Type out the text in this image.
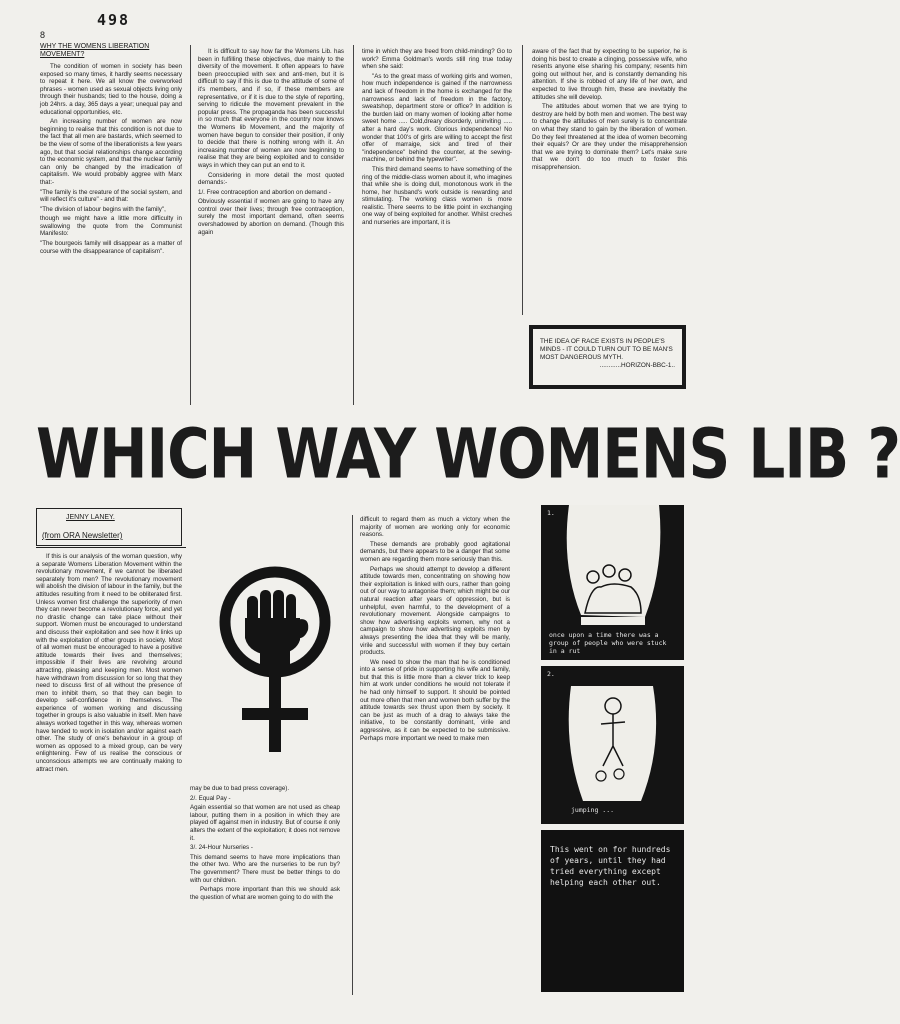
498
8
WHY THE WOMENS LIBERATION MOVEMENT?

The condition of women in society has been exposed so many times, it hardly seems necessary to repeat it here. We all know the overworked phrases - women used as sexual objects living only through their husbands; tied to the house, doing a job 24hrs. a day, 365 days a year; unequal pay and educational opportunities, etc.

An increasing number of women are now beginning to realise that this condition is not due to the fact that all men are bastards, which seemed to be the view of some of the liberationists a few years ago, but that social relationships change according to the economic system, and that the nuclear family can only be changed by the irradication of capitalism. We would probably aggree with Marx that:-

"The family is the creature of the social system, and will reflect it's culture" - and that:

"The division of labour begins with the family",

though we might have a little more difficulty in swallowing the quote from the Communist Manifesto:

"The bourgeois family will disappear as a matter of course with the disappearance of capitalism".

It is difficult to say how far the Womens Lib. has been in fulfilling these objectives, due mainly to the diversity of the movement. It often appears to have been preoccupied with sex and anti-men, but it is difficult to say if this is due to the attitude of some of it's members, and if so, if these members are representative, or if it is due to the style of reporting, serving to ridicule the movement prevalent in the popular press. The propaganda has been successful in so much that everyone in the country now knows the Womens lib Movement, and the majority of women have begun to consider their position, if only to decide that there is nothing wrong with it. An increasing number of women are now beginning to realise that they are being exploited and to consider ways in which they can put an end to it.

Considering in more detail the most quoted demands:-

1/. Free contraception and abortion on demand -

Obviously essential if women are going to have any control over their lives; through free contraception, surely the most important demand, often seems overshadowed by abortion on demand. (Though this again

time in which they are freed from child-minding? Go to work? Emma Goldman's words still ring true today when she said:

"As to the great mass of working girls and women, how much independence is gained if the narrowness and lack of freedom in the home is exchanged for the narrowness and lack of freedom in the factory, sweatshop, department store or office? In addition is the burden laid on many women of looking after home sweet home ..... Cold,dreary disorderly, uninviting ..... after a hard day's work. Glorious independence! No wonder that 100's of girls are willing to accept the first offer of marraige, sick and tired of their "independence" behind the counter, at the sewing-machine, or behind the typewriter".

This third demand seems to have something of the ring of the middle-class women about it, who imagines that while she is doing dull, monotonous work in the home, her husband's work outside is rewarding and stimulating. The working class women is more realistic. There seems to be little point in exchanging one way of being exploited for another. Whilst creches and nurseries are important, it is

aware of the fact that by expecting to be superior, he is doing his best to create a clinging, possessive wife, who resents anyone else sharing his company; resents him going out without her, and is constantly demanding his attention. If she is robbed of any life of her own, and expected to live through him, these are inevitably the attitudes she will develop.

The attitudes about women that we are trying to destroy are held by both men and women. The best way to change the attitudes of men surely is to concentrate on what they stand to gain by the liberation of women. Do they feel threatened at the idea of women becoming their equals? Or are they under the misapprehension that we are trying to dominate them? Let's make sure that we don't do too much to foster this misapprehension.

THE IDEA OF RACE EXISTS IN PEOPLE'S MINDS - IT COULD TURN OUT TO BE MAN'S MOST DANGEROUS MYTH.
............HORIZON-BBC-1..
WHICH WAY WOMENS LIB ?
JENNY LANEY.
(from ORA Newsletter)

If this is our analysis of the woman question, why a separate Womens Liberation Movement within the revolutionary movement, if we cannot be liberated separately from men? The revolutionary movement will abolish the division of labour in the family, but the attitudes resulting from it need to be obliterated first. Unless women first challenge the superiority of men they can never become a revolutionary force, and yet no drastic change can take place without their support. Women must be encouraged to understand and discuss their exploitation and see how it links up with the exploitation of other groups in society. Most of all women must be encouraged to have a positive attitude towards their lives and themselves; impossible if their lives are revolving around attracting, pleasing and keeping men. Most women have withdrawn from discussion for so long that they need to discuss first of all without the presence of men to inhibit them, so that they can begin to develop self-confidence in themselves. The experience of women working and discussing together in groups is also valuable in itself. Men have always worked together in this way, whereas women have tended to work in isolation and/or against each other. The study of one's behaviour in a group of women as opposed to a mixed group, can be very enlightening. Few of us realise the conscious or unconscious attempts we are continually making to attract men.

may be due to bad press coverage).

2/. Equal Pay -

Again essential so that women are not used as cheap labour, putting them in a position in which they are played off against men in industry. But of course it only alters the extent of the exploitation; it does not remove it.

3/. 24-Hour Nurseries -

This demand seems to have more implications than the other two. Who are the nurseries to be run by? The government? There must be better things to do with our children.

Perhaps more important than this we should ask the question of what are women going to do with the

difficult to regard them as much a victory when the majority of women are working only for economic reasons.

These demands are probably good agitational demands, but there appears to be a danger that some women are regarding them more seriously than this.

Perhaps we should attempt to develop a different attitude towards men, concentrating on showing how their exploitation is linked with ours, rather than going out of our way to antagonise them; which might be our natural reaction after years of oppression, but is unhelpful, even harmful, to the development of a revolutionary movement. Alongside campaigns to show how advertising exploits women, why not a campaign to show how advertising exploits men by always presenting the idea that they will be manly, virile and successful with women if they buy certain products.

We need to show the man that he is conditioned into a sense of pride in supporting his wife and family, but that this is little more than a clever trick to keep him at work under conditions he would not tolerate if he had only himself to support. It should be pointed out more often that men and women both suffer by the attitude towards sex thrust upon them by society. It can be just as much of a drag to always take the initiative, to be constantly dominant, virile and aggressive, as it can be expected to be submissive. Perhaps more important we need to make men

1.
once upon a time there was a group of people who were stuck in a rut
2.
jumping ...
This went on for hundreds of years, until they had tried everything except helping each other out.
